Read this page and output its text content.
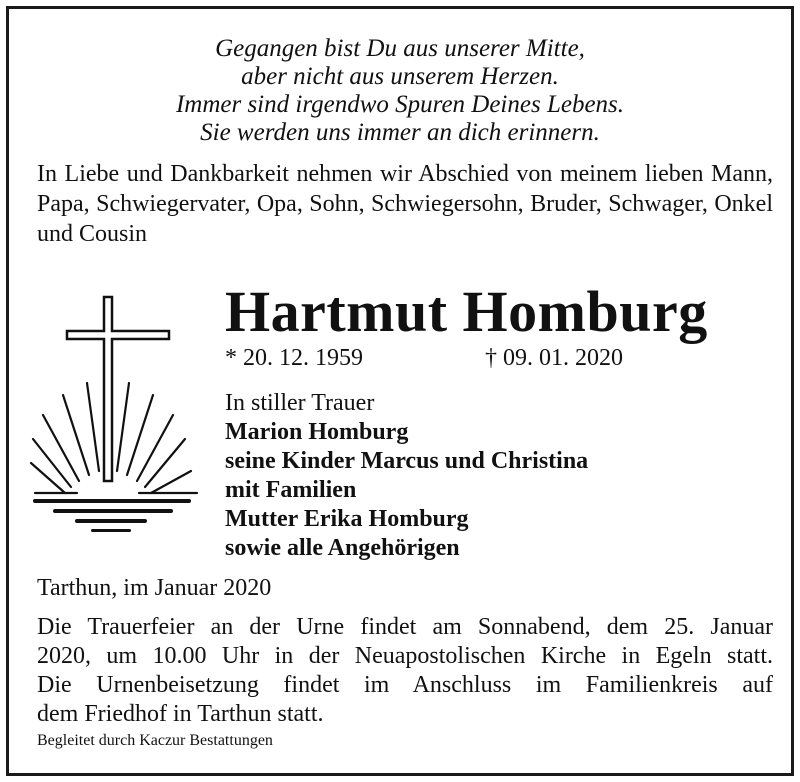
Gegangen bist Du aus unserer Mitte,
aber nicht aus unserem Herzen.
Immer sind irgendwo Spuren Deines Lebens.
Sie werden uns immer an dich erinnern.
In Liebe und Dankbarkeit nehmen wir Abschied von meinem lieben Mann, Papa, Schwiegervater, Opa, Sohn, Schwiegersohn, Bruder, Schwager, Onkel und Cousin
Hartmut Homburg
* 20. 12. 1959	† 09. 01. 2020
In stiller Trauer
Marion Homburg
seine Kinder Marcus und Christina
mit Familien
Mutter Erika Homburg
sowie alle Angehörigen
Tarthun, im Januar 2020
Die Trauerfeier an der Urne findet am Sonnabend, dem 25. Januar
2020, um 10.00 Uhr in der Neuapostolischen Kirche in Egeln statt.
Die Urnenbeisetzung findet im Anschluss im Familienkreis auf
dem Friedhof in Tarthun statt.
Begleitet durch Kaczur Bestattungen
